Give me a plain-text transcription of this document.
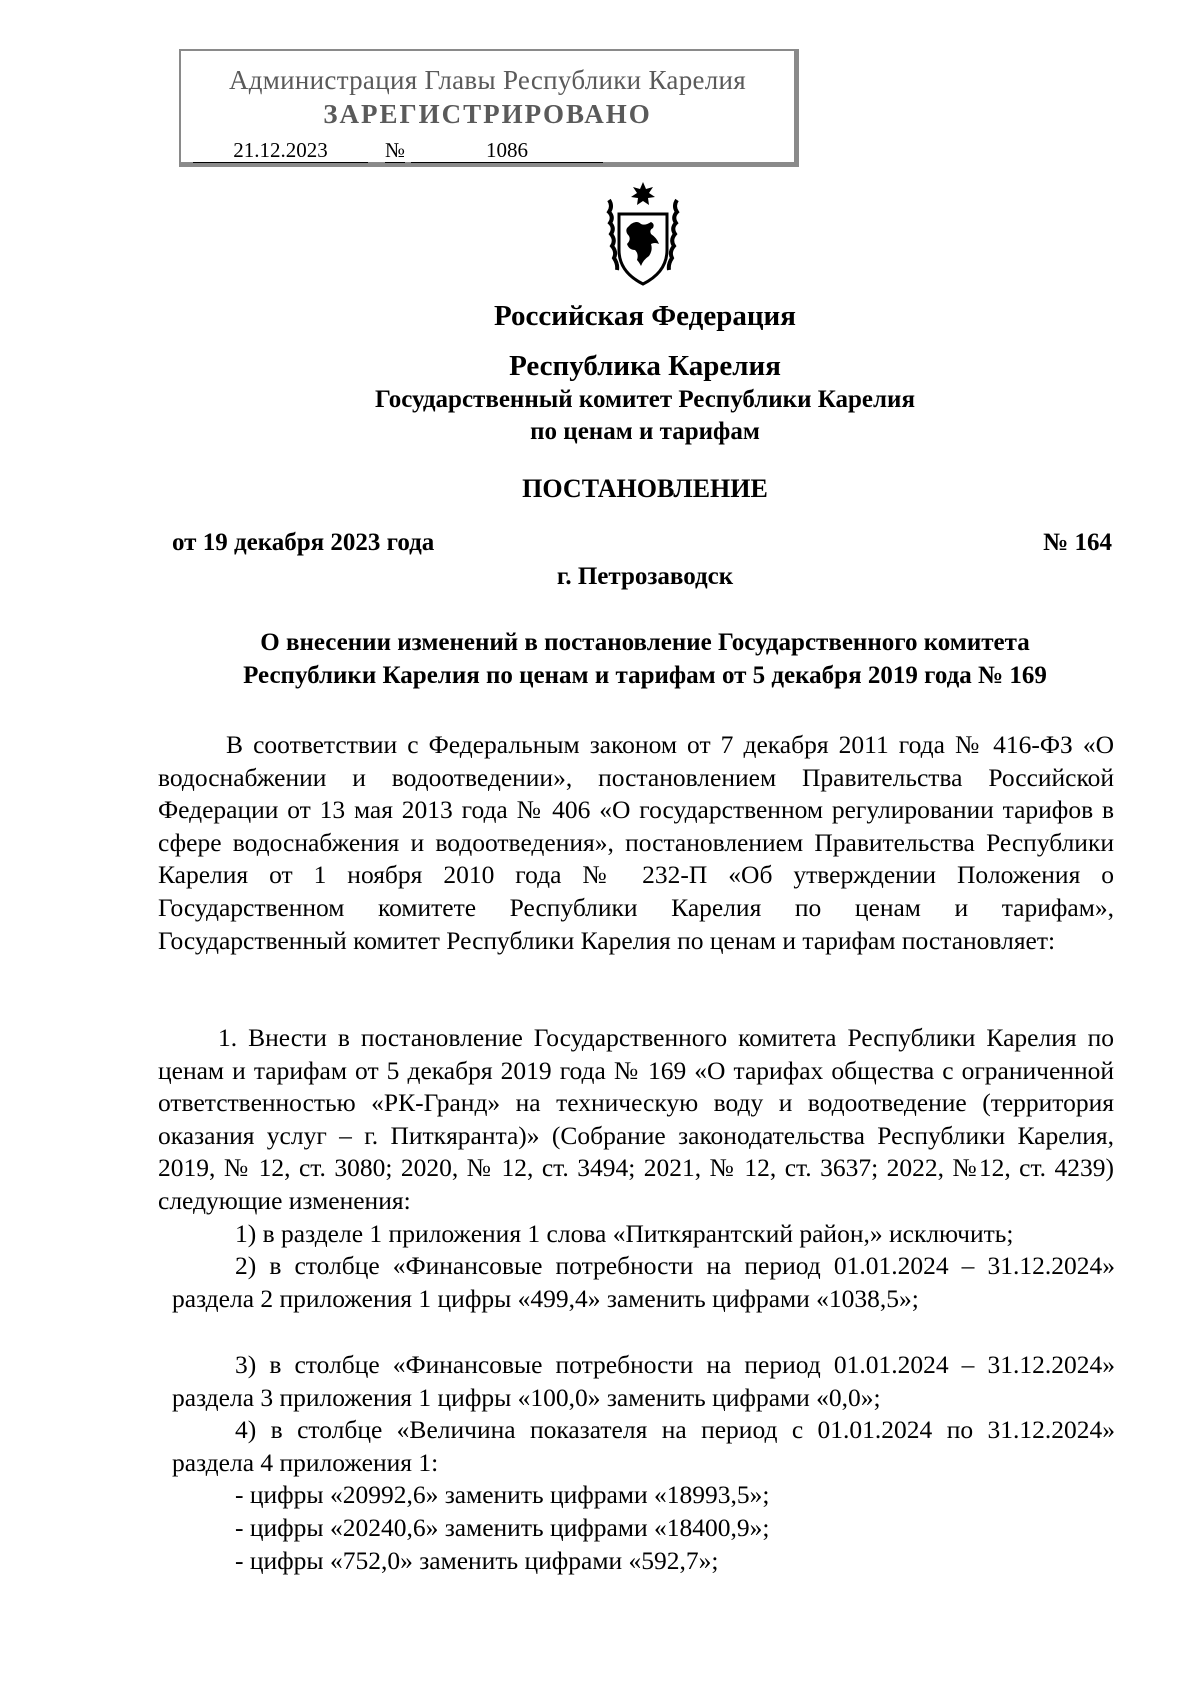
Администрация Главы Республики Карелия
ЗАРЕГИСТРИРОВАНО
21.12.2023	№	1086
Российская Федерация
Республика Карелия
Государственный комитет Республики Карелия
по ценам и тарифам
ПОСТАНОВЛЕНИЕ
от 19 декабря 2023 года	№ 164
г. Петрозаводск
О внесении изменений в постановление Государственного комитета
Республики Карелия по ценам и тарифам от 5 декабря 2019 года № 169
В соответствии с Федеральным законом от 7 декабря 2011 года № 416-ФЗ «О водоснабжении и водоотведении», постановлением Правительства Российской Федерации от 13 мая 2013 года № 406 «О государственном регулировании тарифов в сфере водоснабжения и водоотведения», постановлением Правительства Республики Карелия от 1 ноября 2010 года № 232-П «Об утверждении Положения о Государственном комитете Республики Карелия по ценам и тарифам», Государственный комитет Республики Карелия по ценам и тарифам постановляет:
1. Внести в постановление Государственного комитета Республики Карелия по ценам и тарифам от 5 декабря 2019 года № 169 «О тарифах общества с ограниченной ответственностью «РК-Гранд» на техническую воду и водоотведение (территория оказания услуг – г. Питкяранта)» (Собрание законодательства Республики Карелия, 2019, № 12, ст. 3080; 2020, № 12, ст. 3494; 2021, № 12, ст. 3637; 2022, №12, ст. 4239) следующие изменения:
1) в разделе 1 приложения 1 слова «Питкярантский район,» исключить;
2) в столбце «Финансовые потребности на период 01.01.2024 – 31.12.2024» раздела 2 приложения 1 цифры «499,4» заменить цифрами «1038,5»;
3) в столбце «Финансовые потребности на период 01.01.2024 – 31.12.2024» раздела 3 приложения 1 цифры «100,0» заменить цифрами «0,0»;
4) в столбце «Величина показателя на период с 01.01.2024 по 31.12.2024» раздела 4 приложения 1:
- цифры «20992,6» заменить цифрами «18993,5»;
- цифры «20240,6» заменить цифрами «18400,9»;
- цифры «752,0» заменить цифрами «592,7»;
